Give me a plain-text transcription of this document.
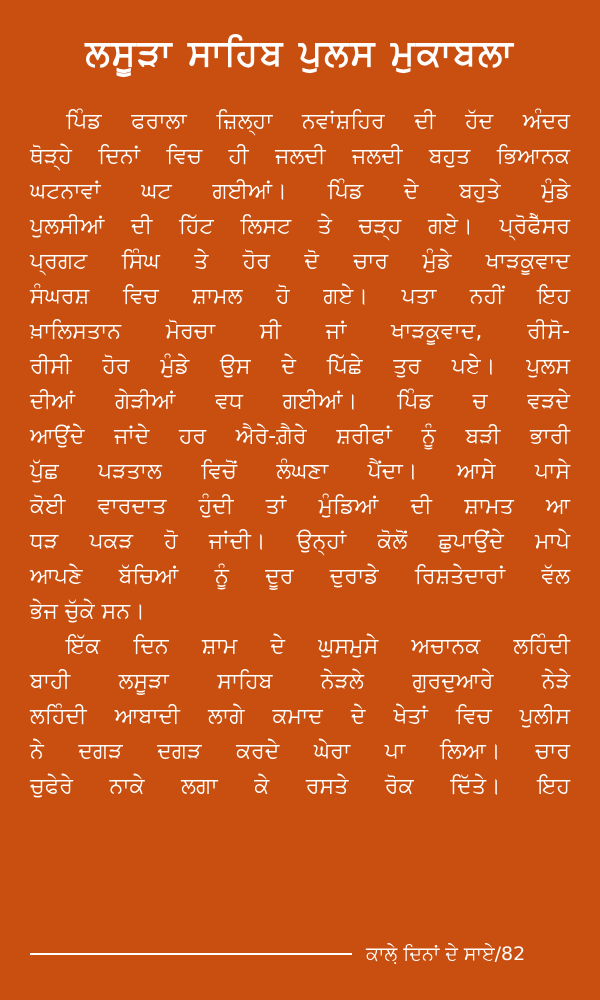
ਲਸੂੜਾ ਸਾਹਿਬ ਪੁਲਸ ਮੁਕਾਬਲਾ
ਪਿੰਡ ਫਰਾਲਾ ਜ਼ਿਲ੍ਹਾ ਨਵਾਂਸ਼ਹਿਰ ਦੀ ਹੱਦ ਅੰਦਰ
ਥੋੜ੍ਹੇ ਦਿਨਾਂ ਵਿਚ ਹੀ ਜਲਦੀ ਜਲਦੀ ਬਹੁਤ ਭਿਆਨਕ
ਘਟਨਾਵਾਂ ਘਟ ਗਈਆਂ। ਪਿੰਡ ਦੇ ਬਹੁਤੇ ਮੁੰਡੇ
ਪੁਲਸੀਆਂ ਦੀ ਹਿੱਟ ਲਿਸਟ ਤੇ ਚੜ੍ਹ ਗਏ। ਪ੍ਰੋਫੈੱਸਰ
ਪ੍ਰਗਟ ਸਿੰਘ ਤੇ ਹੋਰ ਦੋ ਚਾਰ ਮੁੰਡੇ ਖਾੜਕੂਵਾਦ
ਸੰਘਰਸ਼ ਵਿਚ ਸ਼ਾਮਲ ਹੋ ਗਏ। ਪਤਾ ਨਹੀਂ ਇਹ
ਖ਼ਾਲਿਸਤਾਨ ਮੋਰਚਾ ਸੀ ਜਾਂ ਖਾੜਕੂਵਾਦ, ਰੀਸੋ-
ਰੀਸੀ ਹੋਰ ਮੁੰਡੇ ਉਸ ਦੇ ਪਿੱਛੇ ਤੁਰ ਪਏ। ਪੁਲਸ
ਦੀਆਂ ਗੇੜੀਆਂ ਵਧ ਗਈਆਂ। ਪਿੰਡ ਚ ਵੜਦੇ
ਆਉਂਦੇ ਜਾਂਦੇ ਹਰ ਐਰੇ-ਗ਼ੈਰੇ ਸ਼ਰੀਫਾਂ ਨੂੰ ਬੜੀ ਭਾਰੀ
ਪੁੱਛ ਪੜਤਾਲ ਵਿਚੋਂ ਲੰਘਣਾ ਪੈਂਦਾ। ਆਸੇ ਪਾਸੇ
ਕੋਈ ਵਾਰਦਾਤ ਹੁੰਦੀ ਤਾਂ ਮੁੰਡਿਆਂ ਦੀ ਸ਼ਾਮਤ ਆ
ਧੜ ਪਕੜ ਹੋ ਜਾਂਦੀ। ਉਨ੍ਹਾਂ ਕੋਲੋਂ ਛੁਪਾਉਂਦੇ ਮਾਪੇ
ਆਪਣੇ ਬੱਚਿਆਂ ਨੂੰ ਦੂਰ ਦੁਰਾਡੇ ਰਿਸ਼ਤੇਦਾਰਾਂ ਵੱਲ
ਭੇਜ ਚੁੱਕੇ ਸਨ।
ਇੱਕ ਦਿਨ ਸ਼ਾਮ ਦੇ ਘੁਸਮੁਸੇ ਅਚਾਨਕ ਲਹਿੰਦੀ
ਬਾਹੀ ਲਸੂੜਾ ਸਾਹਿਬ ਨੇੜਲੇ ਗੁਰਦੁਆਰੇ ਨੇੜੇ
ਲਹਿੰਦੀ ਆਬਾਦੀ ਲਾਗੇ ਕਮਾਦ ਦੇ ਖੇਤਾਂ ਵਿਚ ਪੁਲੀਸ
ਨੇ ਦਗੜ ਦਗੜ ਕਰਦੇ ਘੇਰਾ ਪਾ ਲਿਆ। ਚਾਰ
ਚੁਫੇਰੇ ਨਾਕੇ ਲਗਾ ਕੇ ਰਸਤੇ ਰੋਕ ਦਿੱਤੇ। ਇਹ
ਕਾਲੇ਼ ਦਿਨਾਂ ਦੇ ਸਾਏ/82
